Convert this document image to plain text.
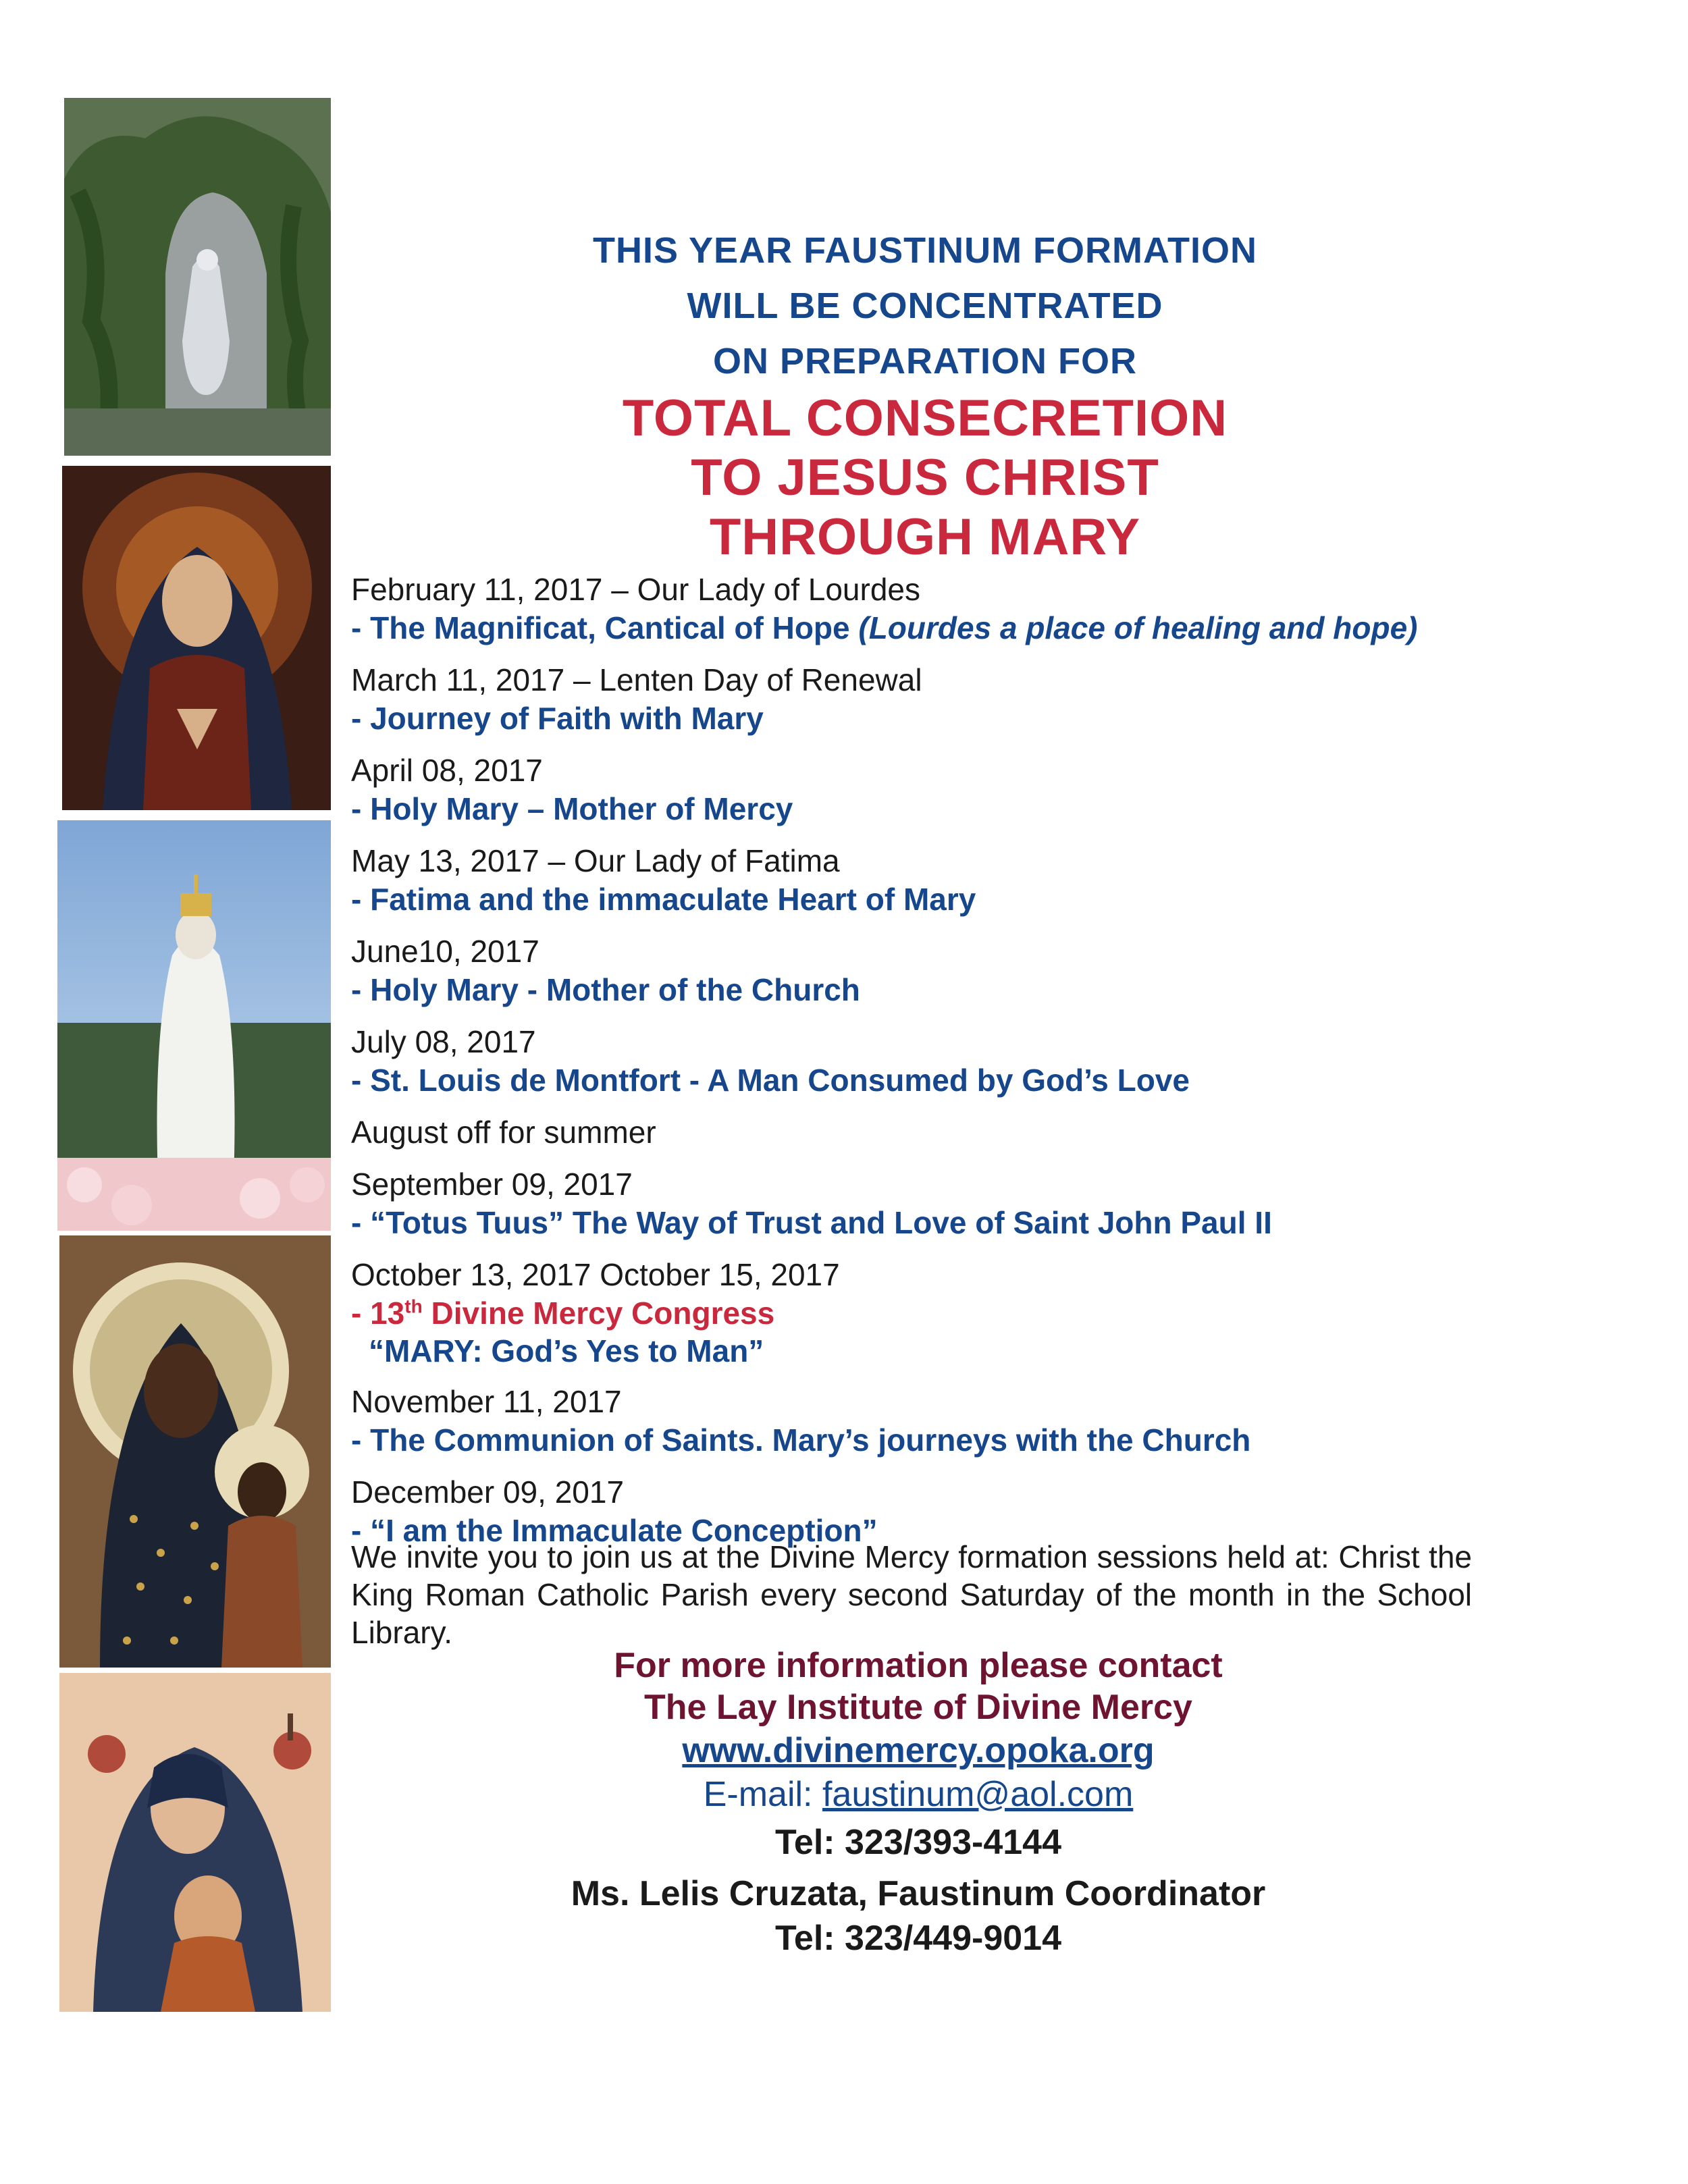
THIS YEAR FAUSTINUM FORMATION
WILL BE CONCENTRATED
ON PREPARATION FOR
TOTAL CONSECRETION
TO JESUS CHRIST
THROUGH MARY
February 11, 2017 – Our Lady of Lourdes
- The Magnificat, Cantical of Hope (Lourdes a place of healing and hope)
March 11, 2017 – Lenten Day of Renewal
- Journey of Faith with Mary
April 08, 2017
- Holy Mary – Mother of Mercy
May 13, 2017 – Our Lady of Fatima
- Fatima and the immaculate Heart of Mary
June10, 2017
- Holy Mary - Mother of the Church
July 08, 2017
- St. Louis de Montfort - A Man Consumed by God’s Love
August off for summer
September 09, 2017
- “Totus Tuus” The Way of Trust and Love of Saint John Paul II
October 13, 2017 October 15, 2017
- 13th Divine Mercy Congress
“MARY: God’s Yes to Man”
November 11, 2017
- The Communion of Saints. Mary’s journeys with the Church
December 09, 2017
- “I am the Immaculate Conception”
We invite you to join us at the Divine Mercy formation sessions held at: Christ the King Roman Catholic Parish every second Saturday of the month in the School Library.
For more information please contact
The Lay Institute of Divine Mercy
www.divinemercy.opoka.org
E-mail: faustinum@aol.com
Tel: 323/393-4144
Ms. Lelis Cruzata, Faustinum Coordinator
Tel: 323/449-9014
